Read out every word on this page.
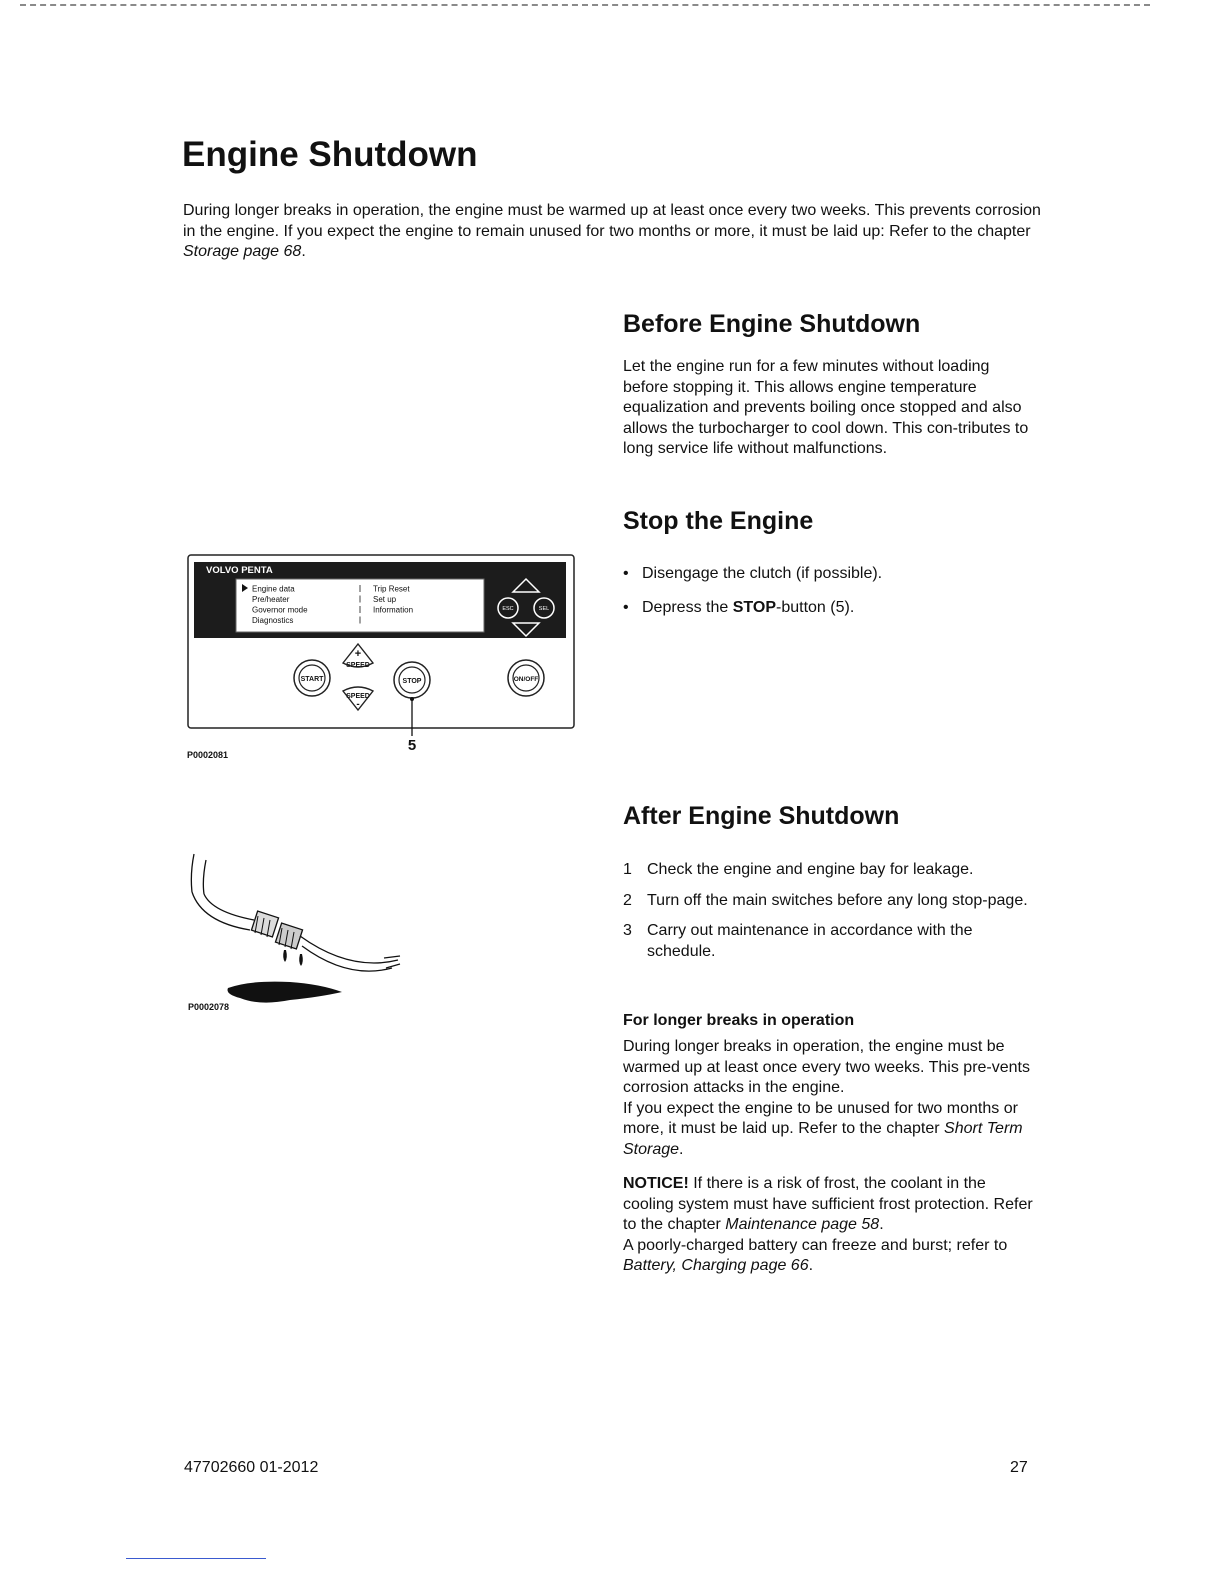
Engine Shutdown

During longer breaks in operation, the engine must be warmed up at least once every two weeks. This prevents corrosion in the engine. If you expect the engine to remain unused for two months or more, it must be laid up: Refer to the chapter Storage page 68.

Before Engine Shutdown

Let the engine run for a few minutes without loading before stopping it. This allows engine temperature equalization and prevents boiling once stopped and also allows the turbocharger to cool down. This con-tributes to long service life without malfunctions.

Stop the Engine
• Disengage the clutch (if possible).
• Depress the STOP-button (5).
VOLVO PENTA
Engine data
Pre/heater
Governor mode
Diagnostics
Trip Reset
Set up
Information	ESC	SEL
START
+
SPEED
SPEED
-
STOP
5
ON/OFF

P0002081

P0002078

After Engine Shutdown
1 Check the engine and engine bay for leakage.
2 Turn off the main switches before any long stop-page.
3 Carry out maintenance in accordance with the schedule.
For longer breaks in operation
During longer breaks in operation, the engine must be warmed up at least once every two weeks. This pre-vents corrosion attacks in the engine.
If you expect the engine to be unused for two months or more, it must be laid up. Refer to the chapter Short Term Storage.
NOTICE! If there is a risk of frost, the coolant in the cooling system must have sufficient frost protection. Refer to the chapter Maintenance page 58.
A poorly-charged battery can freeze and burst; refer to Battery, Charging page 66.

47702660 01-2012	27
